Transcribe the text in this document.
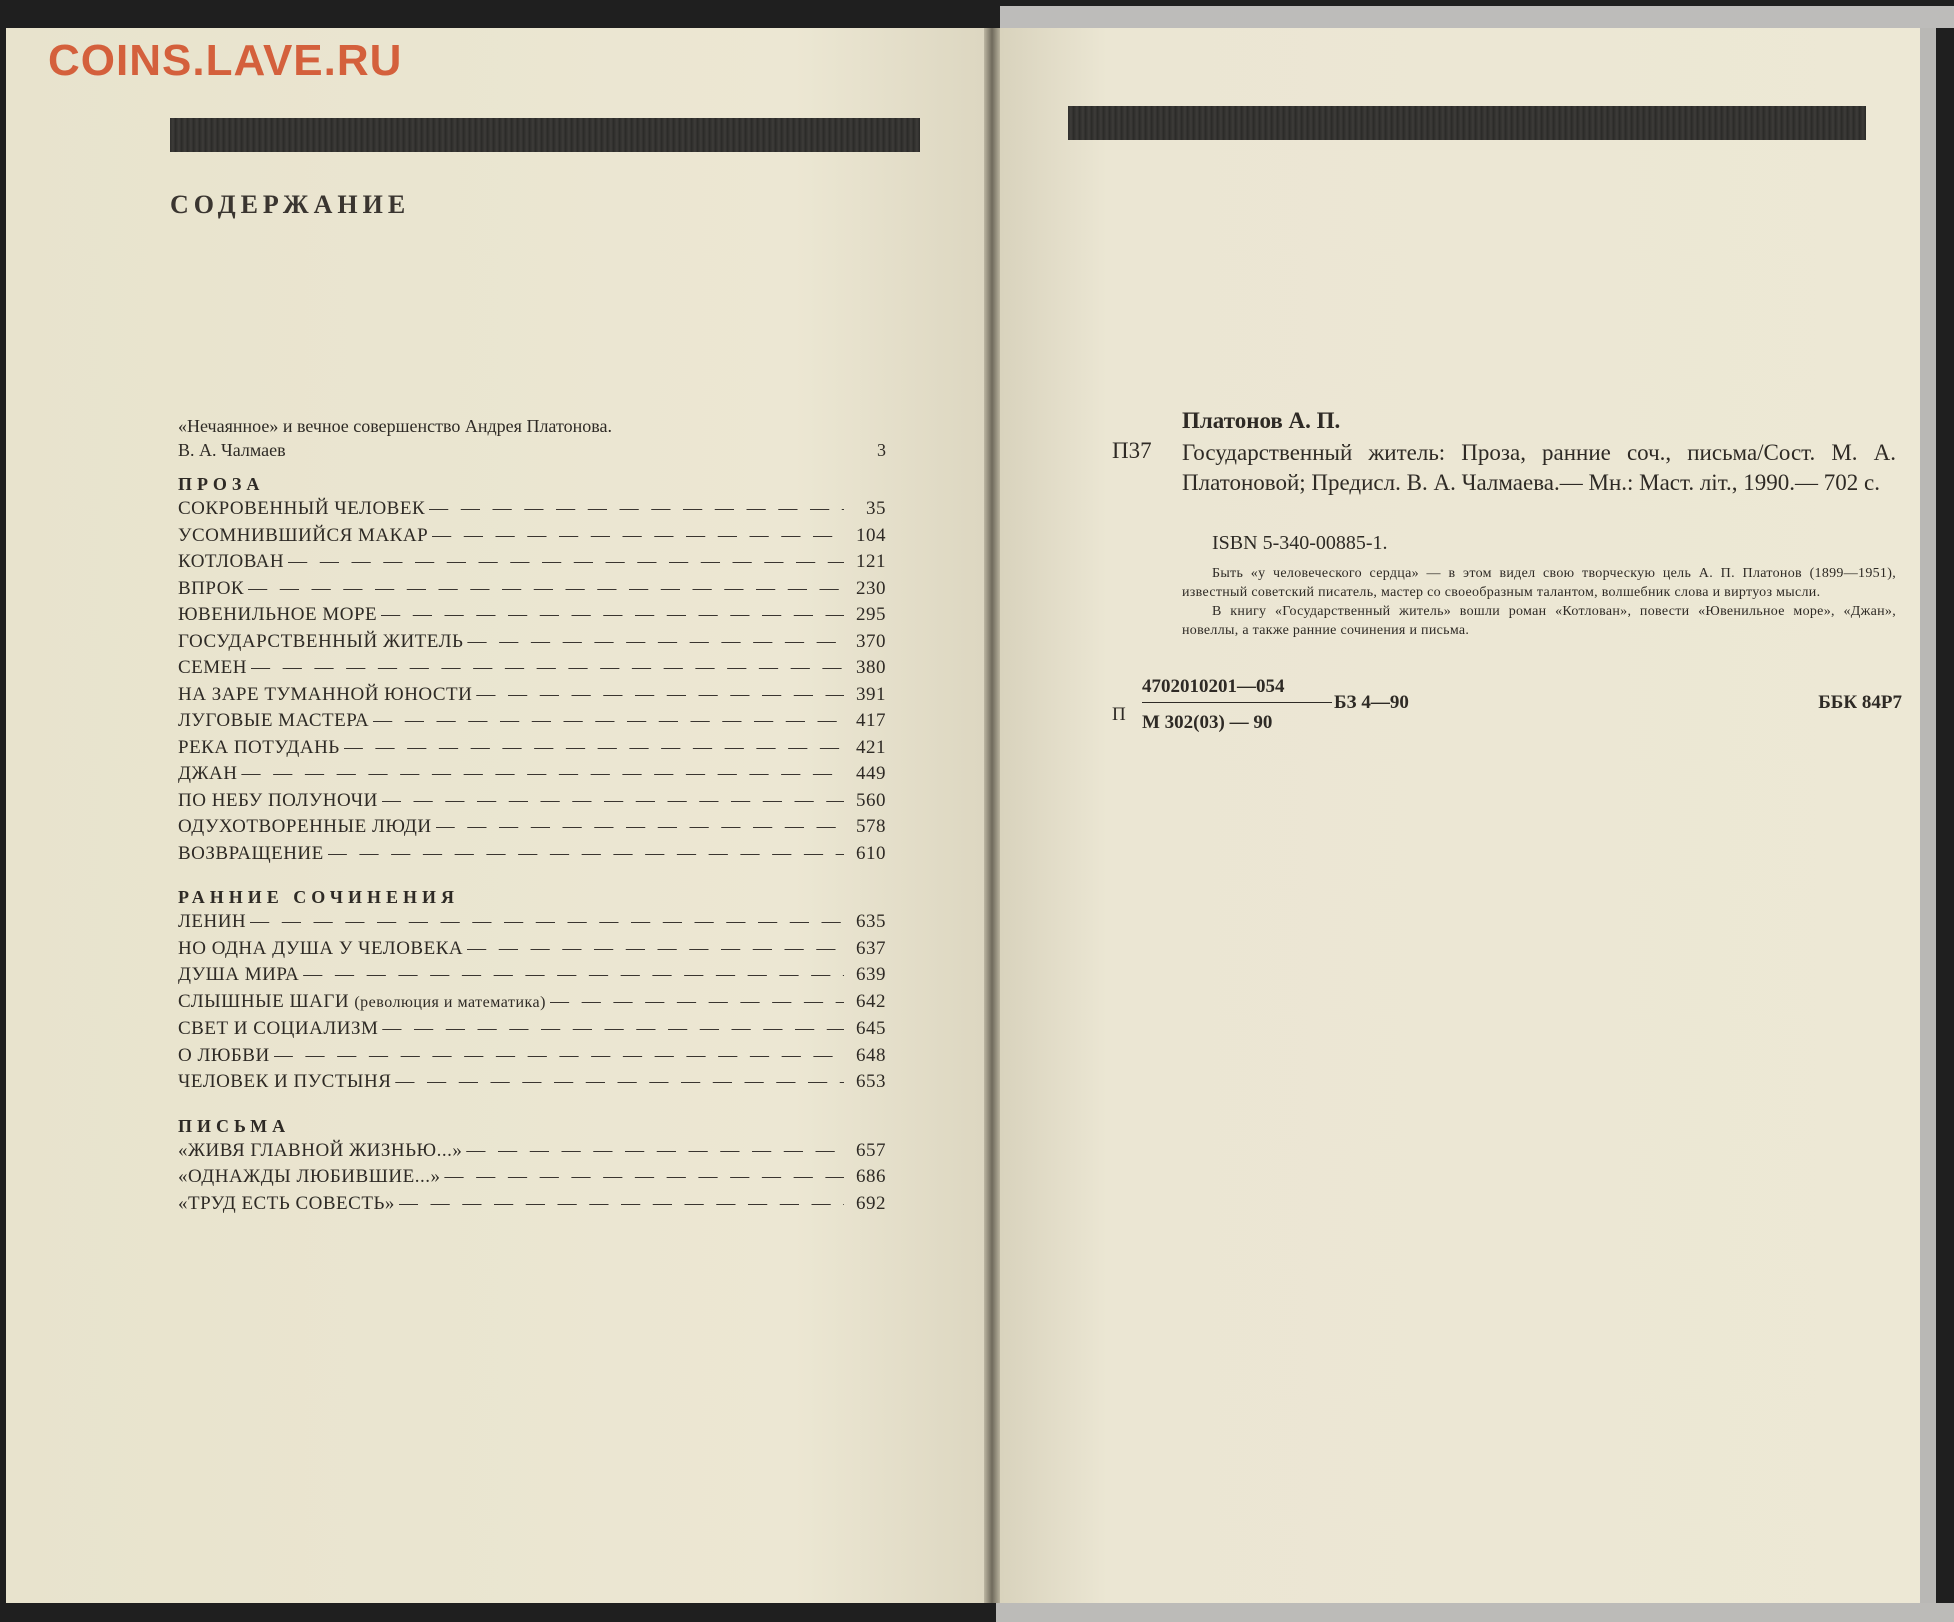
COINS.LAVE.RU
СОДЕРЖАНИЕ
«Нечаянное» и вечное совершенство Андрея Платонова.
В. А. Чалмаев	3
ПРОЗА
СОКРОВЕННЫЙ ЧЕЛОВЕК — — —	35
УСОМНИВШИЙСЯ МАКАР — — —	104
КОТЛОВАН — — —	121
ВПРОК — — —	230
ЮВЕНИЛЬНОЕ МОРЕ — — —	295
ГОСУДАРСТВЕННЫЙ ЖИТЕЛЬ — — —	370
СЕМЕН — — —	380
НА ЗАРЕ ТУМАННОЙ ЮНОСТИ — — —	391
ЛУГОВЫЕ МАСТЕРА — — —	417
РЕКА ПОТУДАНЬ — — —	421
ДЖАН — — —	449
ПО НЕБУ ПОЛУНОЧИ — — —	560
ОДУХОТВОРЕННЫЕ ЛЮДИ — — —	578
ВОЗВРАЩЕНИЕ — — —	610
РАННИЕ СОЧИНЕНИЯ
ЛЕНИН — — —	635
НО ОДНА ДУША У ЧЕЛОВЕКА — — —	637
ДУША МИРА — — —	639
СЛЫШНЫЕ ШАГИ (революция и математика) — — —	642
СВЕТ И СОЦИАЛИЗМ — — —	645
О ЛЮБВИ — — —	648
ЧЕЛОВЕК И ПУСТЫНЯ — — —	653
ПИСЬМА
«ЖИВЯ ГЛАВНОЙ ЖИЗНЬЮ...» — — —	657
«ОДНАЖДЫ ЛЮБИВШИЕ...» — — —	686
«ТРУД ЕСТЬ СОВЕСТЬ» — — —	692
Платонов А. П.
П37 Государственный житель: Проза, ранние соч., письма/Сост. М. А. Платоновой; Предисл. В. А. Чалмаева.— Мн.: Маст. літ., 1990.— 702 с.
ISBN 5-340-00885-1.

Быть «у человеческого сердца» — в этом видел свою творческую цель А. П. Платонов (1899—1951), известный советский писатель, мастер со своеобразным талантом, волшебник слова и виртуоз мысли.

В книгу «Государственный житель» вошли роман «Котлован», повести «Ювенильное море», «Джан», новеллы, а также ранние сочинения и письма.

П
4702010201—054
М 302(03) — 90
БЗ 4—90	ББК 84Р7
